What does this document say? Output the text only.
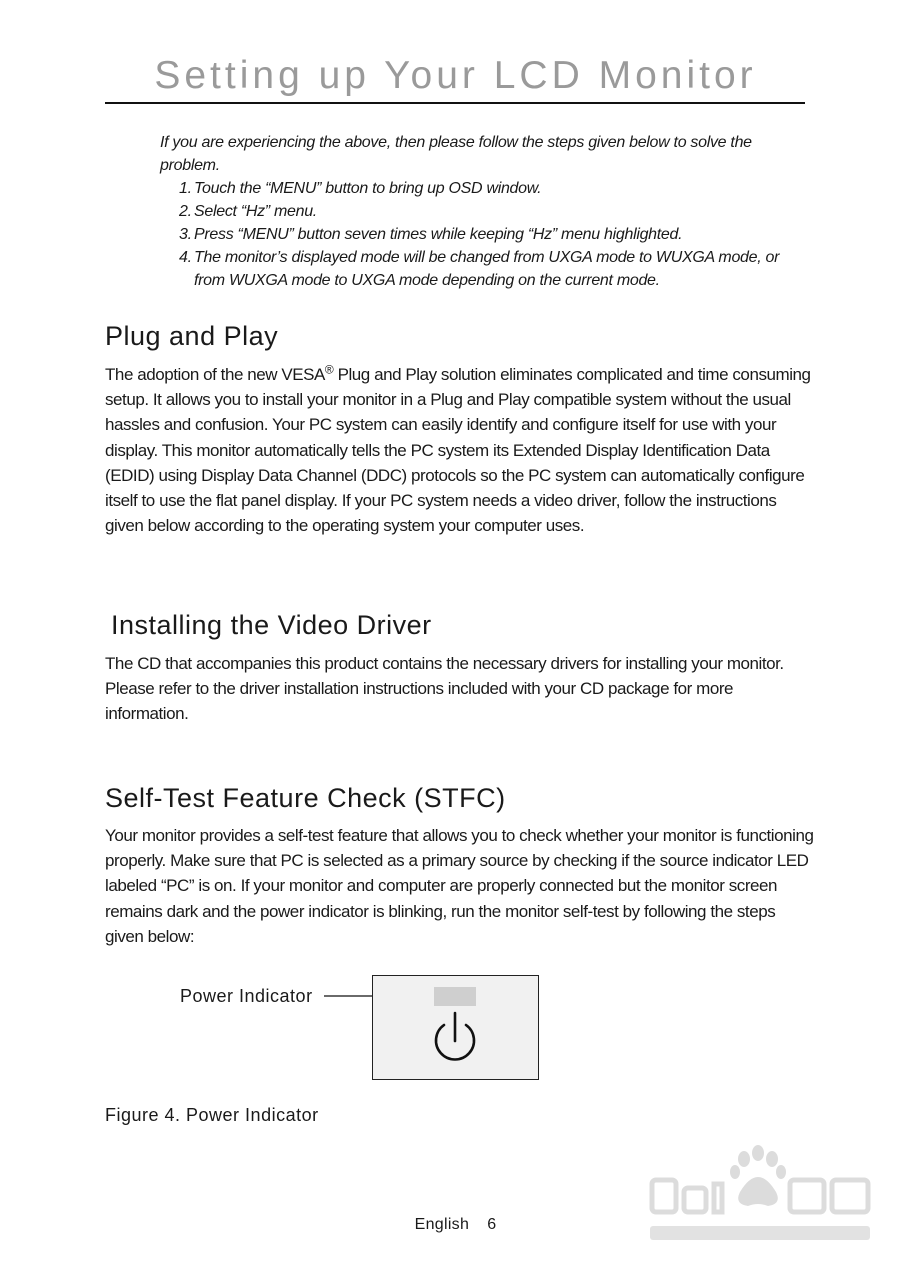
Setting up Your LCD Monitor
If you are experiencing the above, then please follow the steps given below to solve the problem.
1. Touch the “MENU” button to bring up OSD window.
2. Select “Hz” menu.
3. Press “MENU” button seven times while keeping “Hz” menu highlighted.
4. The monitor’s displayed mode will be changed from UXGA mode to WUXGA mode, or from WUXGA mode to UXGA mode depending on the current mode.
Plug and Play

The adoption of the new VESA® Plug and Play solution eliminates complicated and time consuming setup. It allows you to install your monitor in a Plug and Play compatible system without the usual hassles and confusion. Your PC system can easily identify and configure itself for use with your display. This monitor automatically tells the PC system its Extended Display Identification Data (EDID) using Display Data Channel (DDC) protocols so the PC system can automatically configure itself to use the flat panel display. If your PC system needs a video driver, follow the instructions given below according to the operating system your computer uses.

Installing the Video Driver

The CD that accompanies this product contains the necessary drivers for installing your monitor. Please refer to the driver installation instructions included with your CD package for more information.

Self-Test Feature Check (STFC)

Your monitor provides a self-test feature that allows you to check whether your monitor is functioning properly. Make sure that PC is selected as a primary source by checking if the source indicator LED labeled “PC” is on. If your monitor and computer are properly connected but the monitor screen remains dark and the power indicator is blinking, run the monitor self-test by following the steps given below:

Power Indicator
Figure 4. Power Indicator
English 6
